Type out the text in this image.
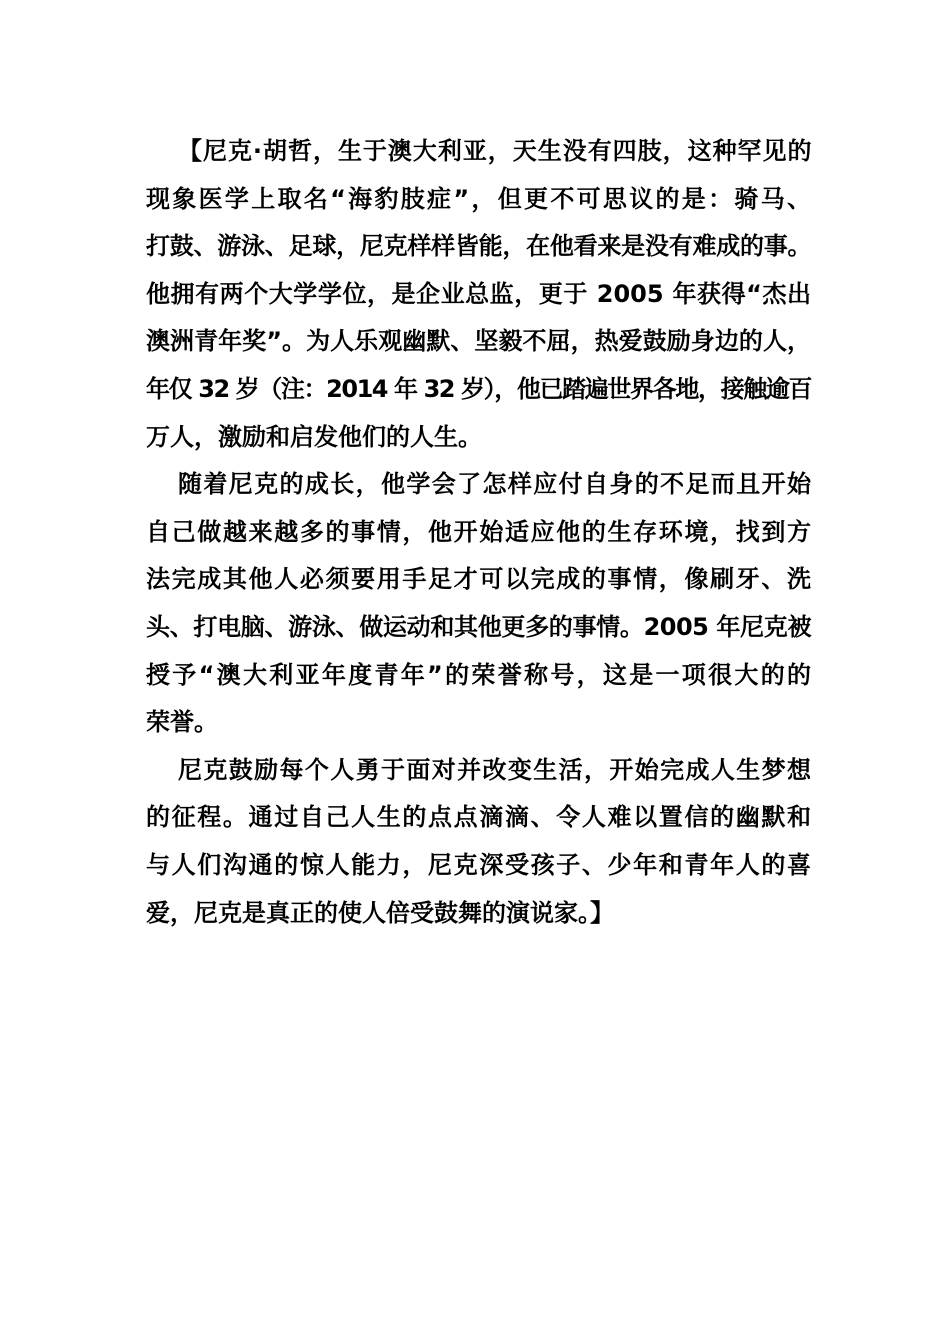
【尼克·胡哲，生于澳大利亚，天生没有四肢，这种罕见的
现象医学上取名“海豹肢症”，但更不可思议的是：骑马、
打鼓、游泳、足球，尼克样样皆能，在他看来是没有难成的事。
他拥有两个大学学位，是企业总监，更于 2005 年获得“杰出
澳洲青年奖”。为人乐观幽默、坚毅不屈，热爱鼓励身边的人，
年仅 32 岁（注：2014 年 32 岁），他已踏遍世界各地，接触逾百
万人，激励和启发他们的人生。
随着尼克的成长，他学会了怎样应付自身的不足而且开始
自己做越来越多的事情，他开始适应他的生存环境，找到方
法完成其他人必须要用手足才可以完成的事情，像刷牙、洗
头、打电脑、游泳、做运动和其他更多的事情。2005 年尼克被
授予“澳大利亚年度青年”的荣誉称号，这是一项很大的的
荣誉。
尼克鼓励每个人勇于面对并改变生活，开始完成人生梦想
的征程。通过自己人生的点点滴滴、令人难以置信的幽默和
与人们沟通的惊人能力，尼克深受孩子、少年和青年人的喜
爱，尼克是真正的使人倍受鼓舞的演说家。】
